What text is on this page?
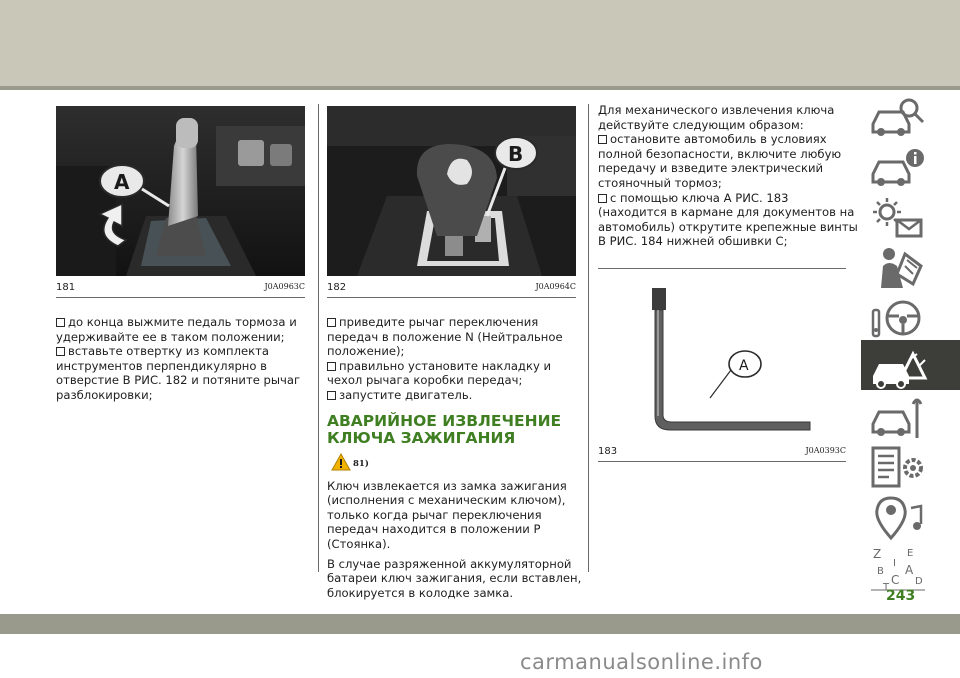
A
181	J0A0963C
B
182	J0A0964C
A
183	J0A0393C

до конца выжмите педаль тормоза и удерживайте ее в таком положении;

вставьте отвертку из комплекта инструментов перпендикулярно в отверстие В РИС. 182 и потяните рычаг разблокировки;

приведите рычаг переключения передач в положение N (Нейтральное положение);

правильно установите накладку и чехол рычага коробки передач;

запустите двигатель.

АВАРИЙНОЕ ИЗВЛЕЧЕНИЕ КЛЮЧА ЗАЖИГАНИЯ
81)

Ключ извлекается из замка зажигания (исполнения с механическим ключом), только когда рычаг переключения передач находится в положении Р (Стоянка).

В случае разряженной аккумуляторной батареи ключ зажигания, если вставлен, блокируется в колодке замка.

Для механического извлечения ключа действуйте следующим образом:

остановите автомобиль в условиях полной безопасности, включите любую передачу и взведите электрический стояночный тормоз;

с помощью ключа А РИС. 183 (находится в кармане для документов на автомобиль) открутите крепежные винты В РИС. 184 нижней обшивки С;

Z	E
B A
C
T
D
I
243
carmanualsonline.info
